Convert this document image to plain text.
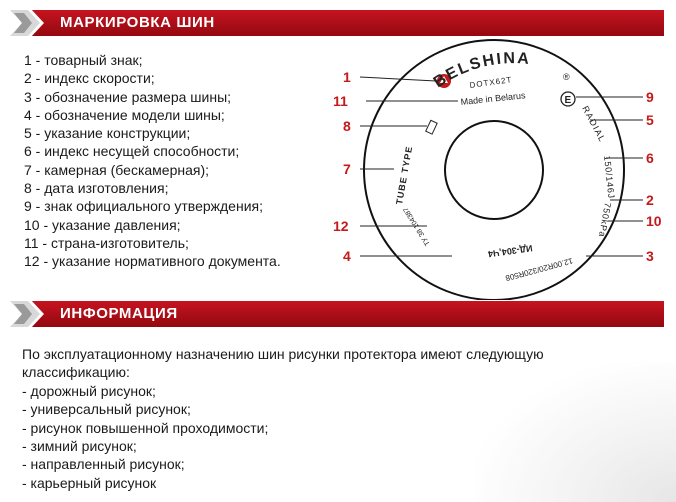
МАРКИРОВКА ШИН
1 - товарный знак;
2 - индекс скорости;
3 - обозначение размера шины;
4 - обозначение модели шины;
5 - указание конструкции;
6 - индекс несущей способности;
7 - камерная (бескамерная);
8 - дата изготовления;
9 - знак официального утверждения;
10 - указание давления;
11 - страна-изготовитель;
12 - указание нормативного документа.
BELSHINA
®
DOTX62T
Made in Belarus	E
RADIAL
150/146J
750kPa
12.00R20/320R508
ИД-304,Ч4
ТУ 38 104387
TUBE TYPE
1
11
8
7
12
4
9
5
6
2
10
3
ИНФОРМАЦИЯ
По эксплуатационному назначению шин рисунки протектора имеют следующую
классификацию:
- дорожный рисунок;
- универсальный рисунок;
- рисунок повышенной проходимости;
- зимний рисунок;
- направленный рисунок;
- карьерный рисунок
